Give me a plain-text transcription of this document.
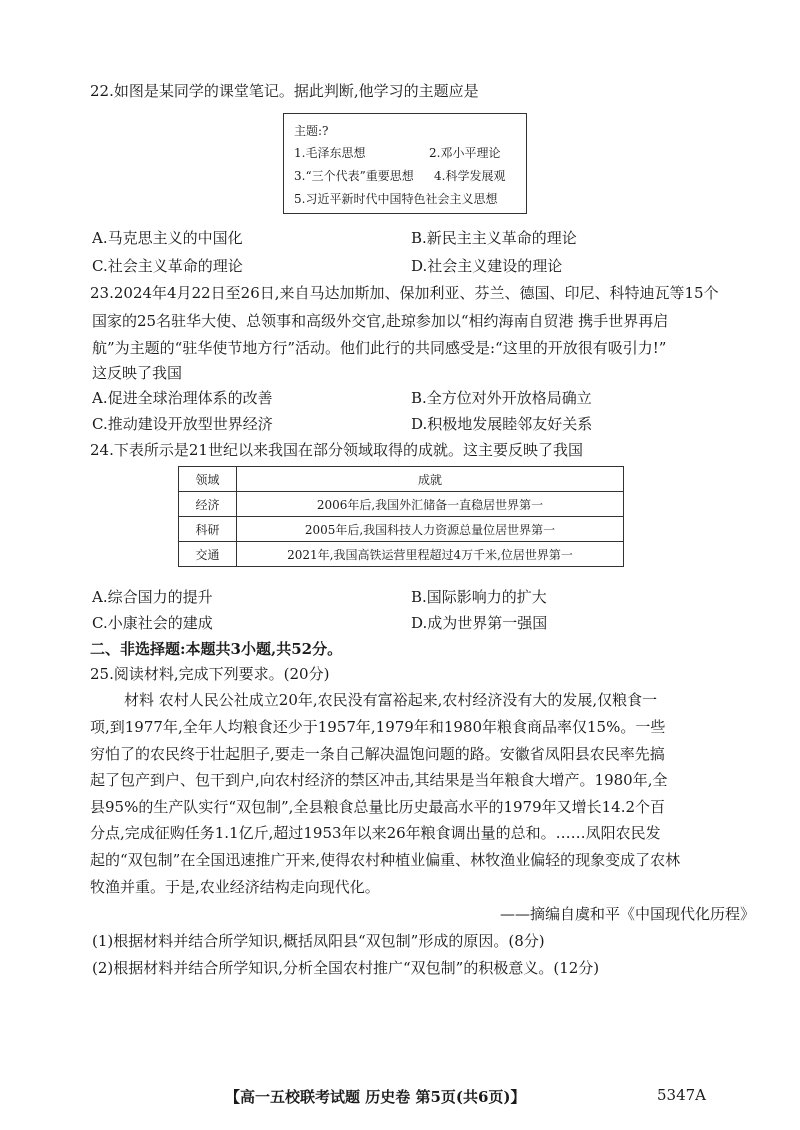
22.如图是某同学的课堂笔记。据此判断,他学习的主题应是
主题:?
1.毛泽东思想	2.邓小平理论
3.“三个代表”重要思想 4.科学发展观
5.习近平新时代中国特色社会主义思想
A.马克思主义的中国化	B.新民主主义革命的理论
C.社会主义革命的理论	D.社会主义建设的理论
23.2024年4月22日至26日,来自马达加斯加、保加利亚、芬兰、德国、印尼、科特迪瓦等15个
国家的25名驻华大使、总领事和高级外交官,赴琼参加以“相约海南自贸港 携手世界再启
航”为主题的“驻华使节地方行”活动。他们此行的共同感受是:“这里的开放很有吸引力!”
这反映了我国
A.促进全球治理体系的改善	B.全方位对外开放格局确立
C.推动建设开放型世界经济	D.积极地发展睦邻友好关系
24.下表所示是21世纪以来我国在部分领域取得的成就。这主要反映了我国
领域	成就
经济	2006年后,我国外汇储备一直稳居世界第一
科研	2005年后,我国科技人力资源总量位居世界第一
交通	2021年,我国高铁运营里程超过4万千米,位居世界第一
A.综合国力的提升	B.国际影响力的扩大
C.小康社会的建成	D.成为世界第一强国
二、非选择题:本题共3小题,共52分。
25.阅读材料,完成下列要求。(20分)
材料 农村人民公社成立20年,农民没有富裕起来,农村经济没有大的发展,仅粮食一
项,到1977年,全年人均粮食还少于1957年,1979年和1980年粮食商品率仅15%。一些
穷怕了的农民终于壮起胆子,要走一条自己解决温饱问题的路。安徽省凤阳县农民率先搞
起了包产到户、包干到户,向农村经济的禁区冲击,其结果是当年粮食大增产。1980年,全
县95%的生产队实行“双包制”,全县粮食总量比历史最高水平的1979年又增长14.2个百
分点,完成征购任务1.1亿斤,超过1953年以来26年粮食调出量的总和。……凤阳农民发
起的“双包制”在全国迅速推广开来,使得农村种植业偏重、林牧渔业偏轻的现象变成了农林
牧渔并重。于是,农业经济结构走向现代化。
——摘编自虞和平《中国现代化历程》
(1)根据材料并结合所学知识,概括凤阳县“双包制”形成的原因。(8分)
(2)根据材料并结合所学知识,分析全国农村推广“双包制”的积极意义。(12分)
【高一五校联考试题 历史卷 第5页(共6页)】	5347A
